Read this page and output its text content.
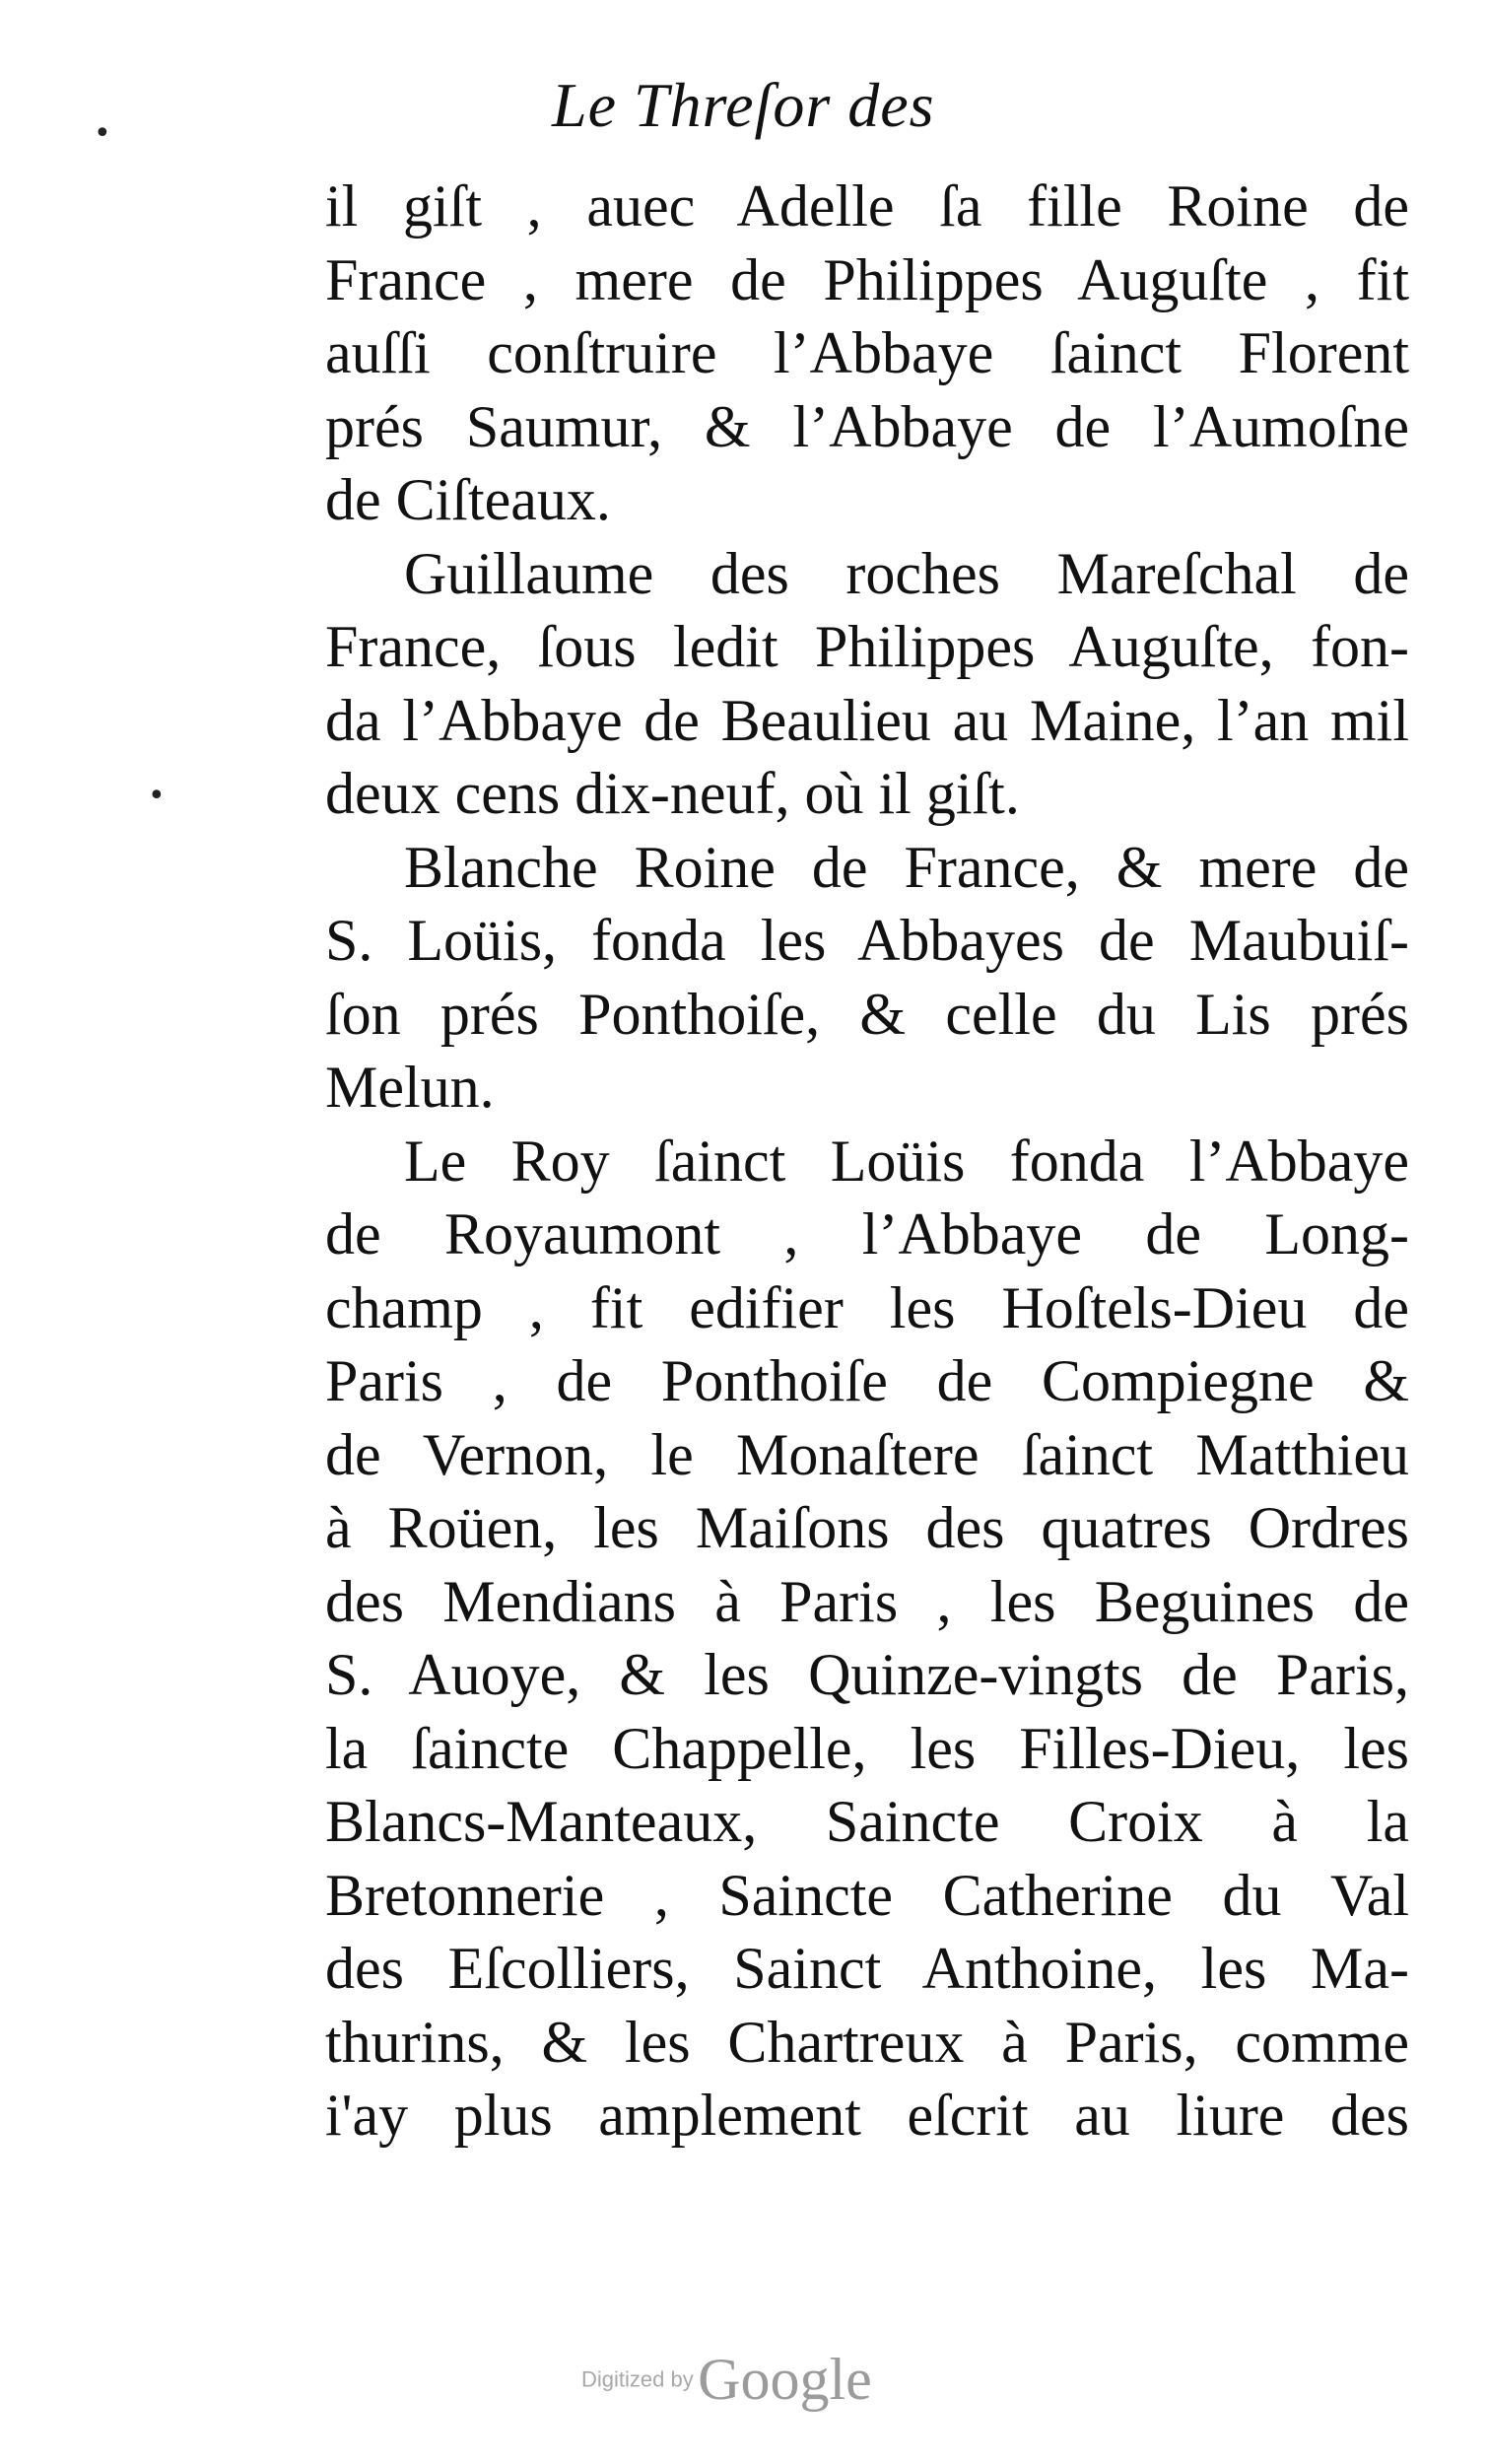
Le Threſor des
il giſt , auec Adelle ſa fille Roine de
France , mere de Philippes Auguſte , fit
auſſi conſtruire l’Abbaye ſainct Florent
prés Saumur, & l’Abbaye de l’Aumoſne
de Ciſteaux.
Guillaume des roches Mareſchal de
France, ſous ledit Philippes Auguſte, fon-
da l’Abbaye de Beaulieu au Maine, l’an mil
deux cens dix-neuf, où il giſt.
Blanche Roine de France, & mere de
S. Loüis, fonda les Abbayes de Maubuiſ-
ſon prés Ponthoiſe, & celle du Lis prés
Melun.
Le Roy ſainct Loüis fonda l’Abbaye
de Royaumont , l’Abbaye de Long-
champ , fit edifier les Hoſtels-Dieu de
Paris , de Ponthoiſe de Compiegne &
de Vernon, le Monaſtere ſainct Matthieu
à Roüen, les Maiſons des quatres Ordres
des Mendians à Paris , les Beguines de
S. Auoye, & les Quinze-vingts de Paris,
la ſaincte Chappelle, les Filles-Dieu, les
Blancs-Manteaux, Saincte Croix à la
Bretonnerie , Saincte Catherine du Val
des Eſcolliers, Sainct Anthoine, les Ma-
thurins, & les Chartreux à Paris, comme
i'ay plus amplement eſcrit au liure des
•
•
Digitized by Google
